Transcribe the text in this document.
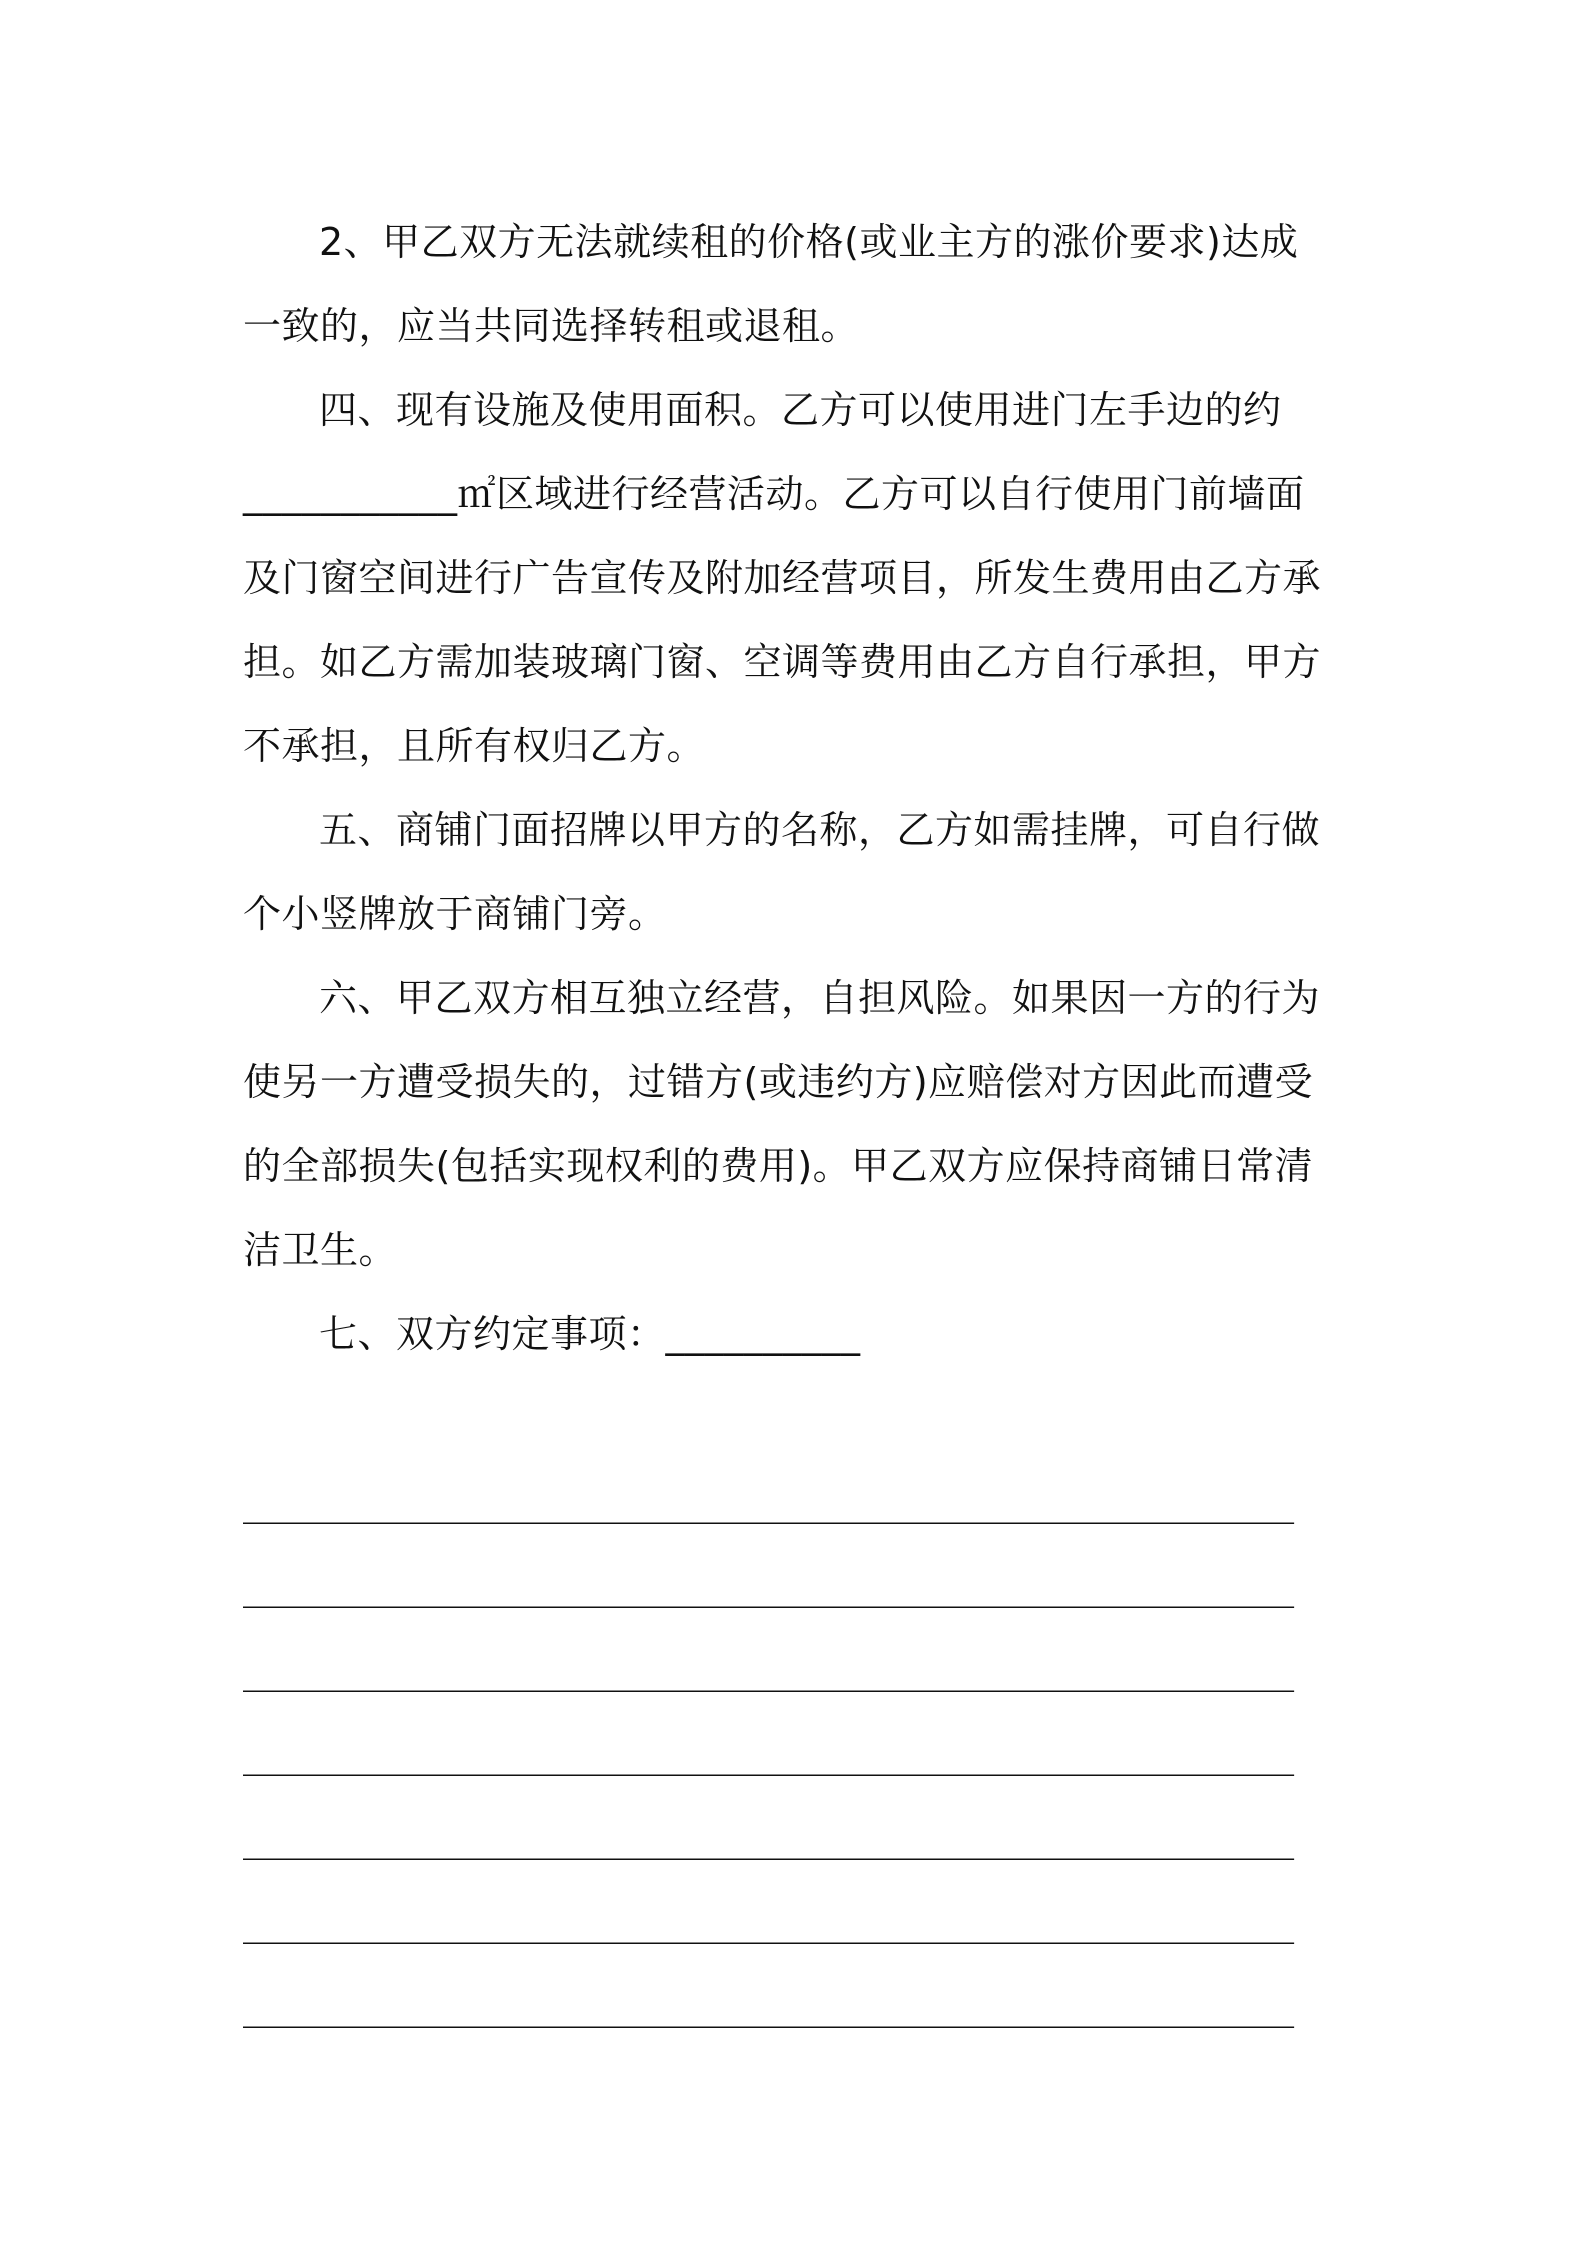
2、甲乙双方无法就续租的价格(或业主方的涨价要求)达成
一致的，应当共同选择转租或退租。
四、现有设施及使用面积。乙方可以使用进门左手边的约
___________㎡区域进行经营活动。乙方可以自行使用门前墙面
及门窗空间进行广告宣传及附加经营项目，所发生费用由乙方承
担。如乙方需加装玻璃门窗、空调等费用由乙方自行承担，甲方
不承担，且所有权归乙方。
五、商铺门面招牌以甲方的名称，乙方如需挂牌，可自行做
个小竖牌放于商铺门旁。
六、甲乙双方相互独立经营，自担风险。如果因一方的行为
使另一方遭受损失的，过错方(或违约方)应赔偿对方因此而遭受
的全部损失(包括实现权利的费用)。甲乙双方应保持商铺日常清
洁卫生。
七、双方约定事项：__________
________________________________________________
________________________________________________
________________________________________________
________________________________________________
________________________________________________
________________________________________________
________________________________________________
